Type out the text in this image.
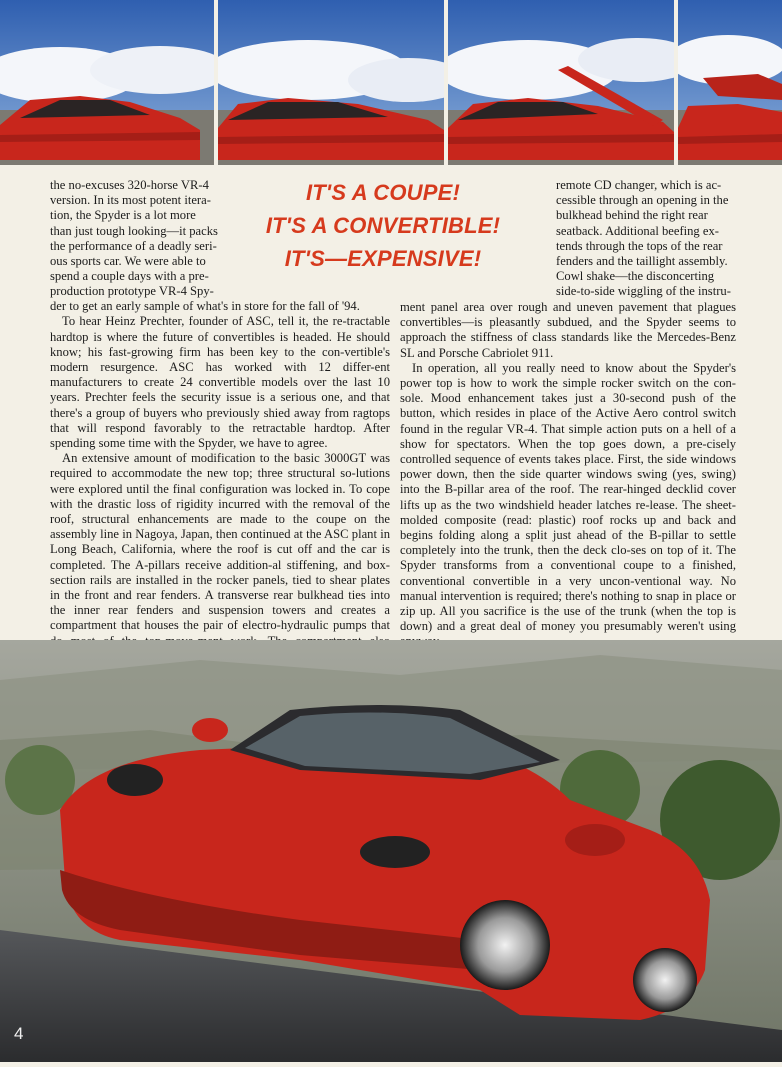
IT'S A COUPE!
IT'S A CONVERTIBLE!
IT'S—EXPENSIVE!

the no-excuses 320-horse VR-4

version. In its most potent itera-

tion, the Spyder is a lot more

than just tough looking—it packs

the performance of a deadly seri-

ous sports car. We were able to

spend a couple days with a pre-

production prototype VR-4 Spy-

der to get an early sample of what's in store for the fall of '94.

To hear Heinz Prechter, founder of ASC, tell it, the re-tractable hardtop is where the future of convertibles is headed. He should know; his fast-growing firm has been key to the con-vertible's modern resurgence. ASC has worked with 12 differ-ent manufacturers to create 24 convertible models over the last 10 years. Prechter feels the security issue is a serious one, and that there's a group of buyers who previously shied away from ragtops that will respond favorably to the retractable hardtop. After spending some time with the Spyder, we have to agree.

An extensive amount of modification to the basic 3000GT was required to accommodate the new top; three structural so-lutions were explored until the final configuration was locked in. To cope with the drastic loss of rigidity incurred with the removal of the roof, structural enhancements are made to the coupe on the assembly line in Nagoya, Japan, then continued at the ASC plant in Long Beach, California, where the roof is cut off and the car is completed. The A-pillars receive addition-al stiffening, and box-section rails are installed in the rocker panels, tied to shear plates in the front and rear fenders. A transverse rear bulkhead ties into the inner rear fenders and suspension towers and creates a compartment that houses the pair of electro-hydraulic pumps that

remote CD changer, which is ac-

cessible through an opening in the

bulkhead behind the right rear

seatback. Additional beefing ex-

tends through the tops of the rear

fenders and the taillight assembly.

Cowl shake—the disconcerting

side-to-side wiggling of the instru-

ment panel area over rough and uneven pavement that plagues convertibles—is pleasantly subdued, and the Spyder seems to approach the stiffness of class standards like the Mercedes-Benz SL and Porsche Cabriolet 911.

In operation, all you really need to know about the Spyder's power top is how to work the simple rocker switch on the con-sole. Mood enhancement takes just a 30-second push of the button, which resides in place of the Active Aero control switch found in the regular VR-4. That simple action puts on a hell of a show for spectators. When the top goes down, a pre-cisely controlled sequence of events takes place. First, the side windows power down, then the side quarter windows swing (yes, swing) into the B-pillar area of the roof. The rear-hinged decklid cover lifts up as the two windshield header latches re-lease. The sheet-molded composite (read: plastic) roof rocks up and back and begins folding along a split just ahead of the B-pillar to settle completely into the trunk, then the deck clo-ses on top of it. The Spyder transforms from a conventional coupe to a finished, conventional convertible in a very uncon-ventional way. No manual intervention is required; there's nothing to snap in place or zip up. All you sacrifice is the use of the trunk (when the top is down) and a great deal of money you presumably weren't using

4
